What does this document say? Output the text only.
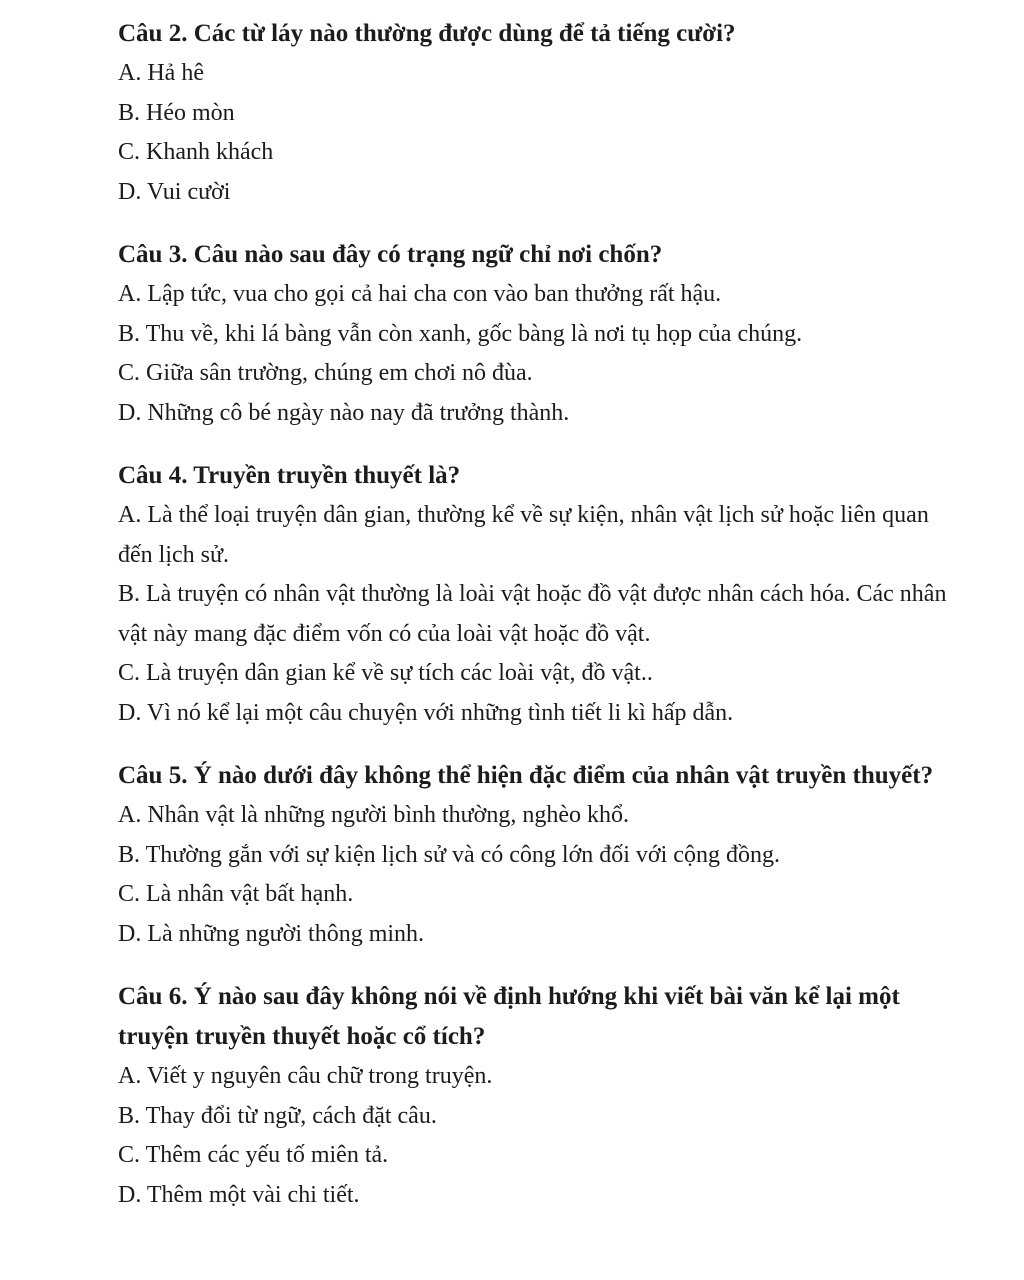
Câu 2. Các từ láy nào thường được dùng để tả tiếng cười?

A. Hả hê

B. Héo mòn

C. Khanh khách

D. Vui cười

Câu 3. Câu nào sau đây có trạng ngữ chỉ nơi chốn?

A. Lập tức, vua cho gọi cả hai cha con vào ban thưởng rất hậu.

B. Thu về, khi lá bàng vẫn còn xanh, gốc bàng là nơi tụ họp của chúng.

C. Giữa sân trường, chúng em chơi nô đùa.

D. Những cô bé ngày nào nay đã trưởng thành.

Câu 4. Truyền truyền thuyết là?

A. Là thể loại truyện dân gian, thường kể về sự kiện, nhân vật lịch sử hoặc liên quan đến lịch sử.

B. Là truyện có nhân vật thường là loài vật hoặc đồ vật được nhân cách hóa. Các nhân vật này mang đặc điểm vốn có của loài vật hoặc đồ vật.

C. Là truyện dân gian kể về sự tích các loài vật, đồ vật..

D. Vì nó kể lại một câu chuyện với những tình tiết li kì hấp dẫn.

Câu 5. Ý nào dưới đây không thể hiện đặc điểm của nhân vật truyền thuyết?

A. Nhân vật là những người bình thường, nghèo khổ.

B. Thường gắn với sự kiện lịch sử và có công lớn đối với cộng đồng.

C. Là nhân vật bất hạnh.

D. Là những người thông minh.

Câu 6. Ý nào sau đây không nói về định hướng khi viết bài văn kể lại một truyện truyền thuyết hoặc cổ tích?

A. Viết y nguyên câu chữ trong truyện.

B. Thay đổi từ ngữ, cách đặt câu.

C. Thêm các yếu tố miên tả.

D. Thêm một vài chi tiết.
